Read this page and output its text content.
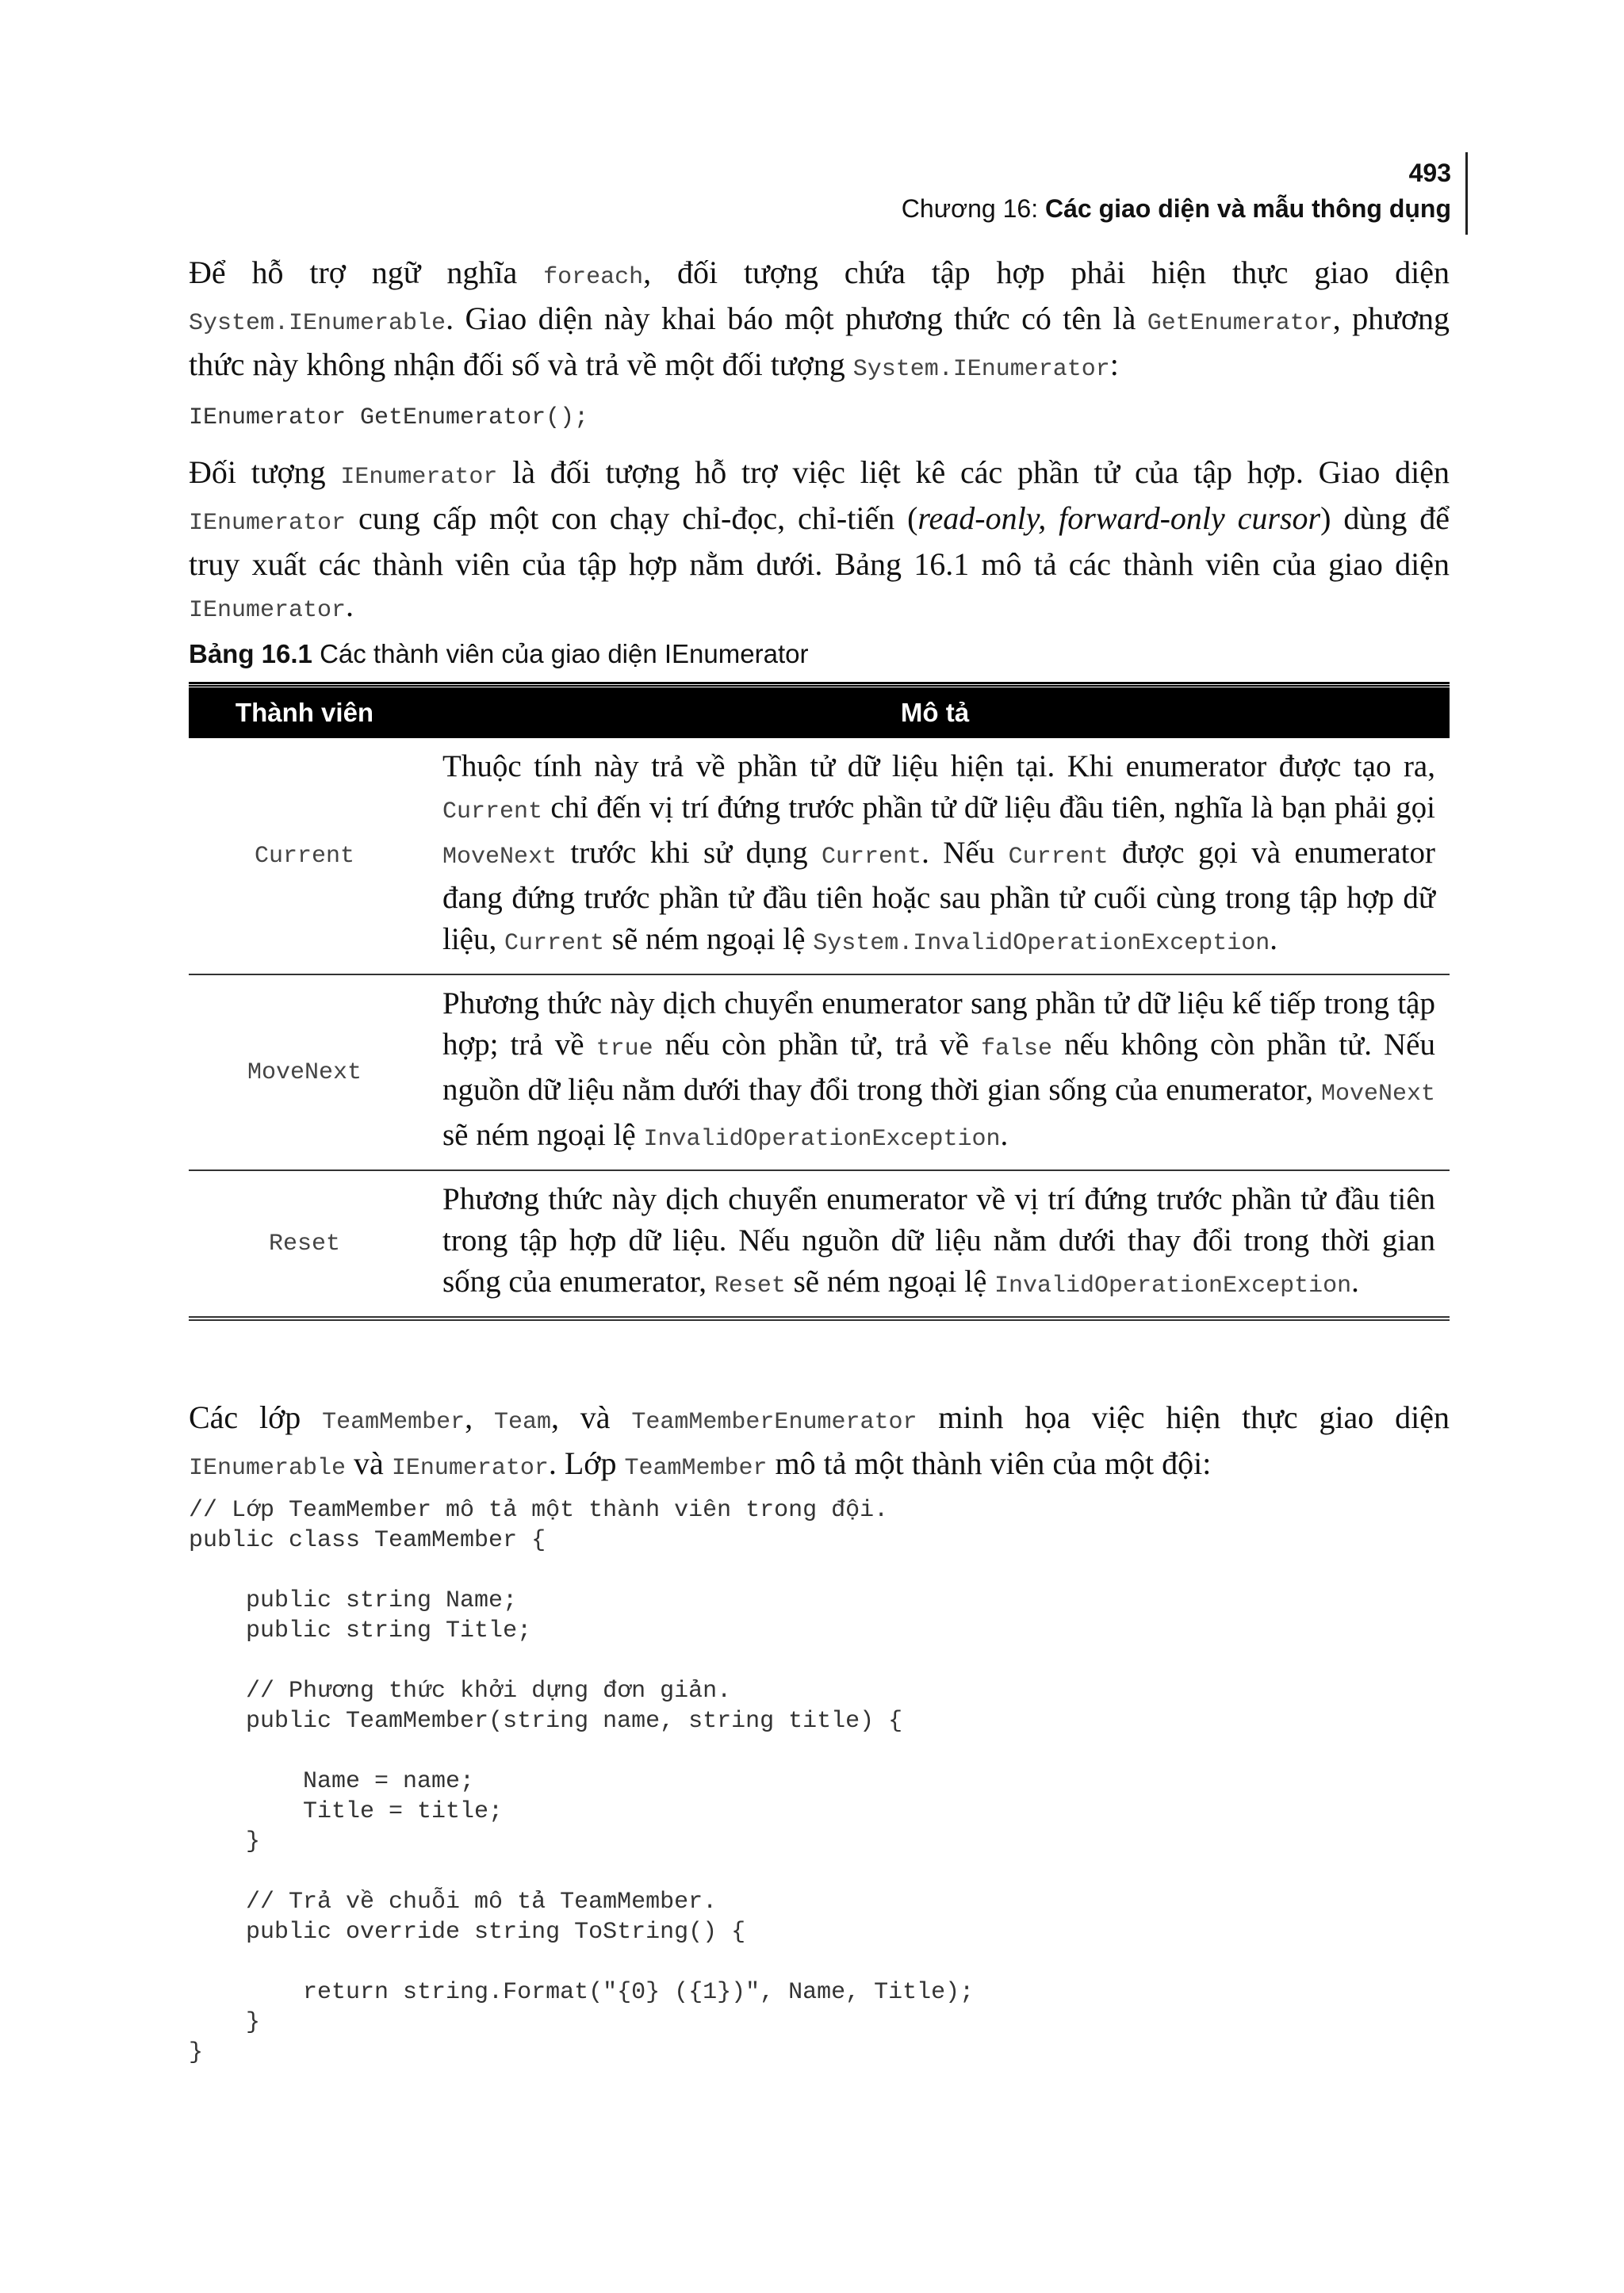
493
Chương 16: Các giao diện và mẫu thông dụng

Để hỗ trợ ngữ nghĩa foreach, đối tượng chứa tập hợp phải hiện thực giao diện System.IEnumerable. Giao diện này khai báo một phương thức có tên là GetEnumerator, phương thức này không nhận đối số và trả về một đối tượng System.IEnumerator:

IEnumerator GetEnumerator();

Đối tượng IEnumerator là đối tượng hỗ trợ việc liệt kê các phần tử của tập hợp. Giao diện IEnumerator cung cấp một con chạy chỉ-đọc, chỉ-tiến (read-only, forward-only cursor) dùng để truy xuất các thành viên của tập hợp nằm dưới. Bảng 16.1 mô tả các thành viên của giao diện IEnumerator.

Bảng 16.1 Các thành viên của giao diện IEnumerator

Thành viên	Mô tả
Current	Thuộc tính này trả về phần tử dữ liệu hiện tại. Khi enumerator được tạo ra, Current chỉ đến vị trí đứng trước phần tử dữ liệu đầu tiên, nghĩa là bạn phải gọi MoveNext trước khi sử dụng Current. Nếu Current được gọi và enumerator đang đứng trước phần tử đầu tiên hoặc sau phần tử cuối cùng trong tập hợp dữ liệu, Current sẽ ném ngoại lệ System.InvalidOperationException.
MoveNext	Phương thức này dịch chuyển enumerator sang phần tử dữ liệu kế tiếp trong tập hợp; trả về true nếu còn phần tử, trả về false nếu không còn phần tử. Nếu nguồn dữ liệu nằm dưới thay đổi trong thời gian sống của enumerator, MoveNext sẽ ném ngoại lệ InvalidOperationException.
Reset	Phương thức này dịch chuyển enumerator về vị trí đứng trước phần tử đầu tiên trong tập hợp dữ liệu. Nếu nguồn dữ liệu nằm dưới thay đổi trong thời gian sống của enumerator, Reset sẽ ném ngoại lệ InvalidOperationException.

Các lớp TeamMember, Team, và TeamMemberEnumerator minh họa việc hiện thực giao diện IEnumerable và IEnumerator. Lớp TeamMember mô tả một thành viên của một đội:

// Lớp TeamMember mô tả một thành viên trong đội.
public class TeamMember {

public string Name;
public string Title;

// Phương thức khởi dựng đơn giản.
public TeamMember(string name, string title) {

Name = name;
Title = title;
}

// Trả về chuỗi mô tả TeamMember.
public override string ToString() {

return string.Format("{0} ({1})", Name, Title);
}
}
